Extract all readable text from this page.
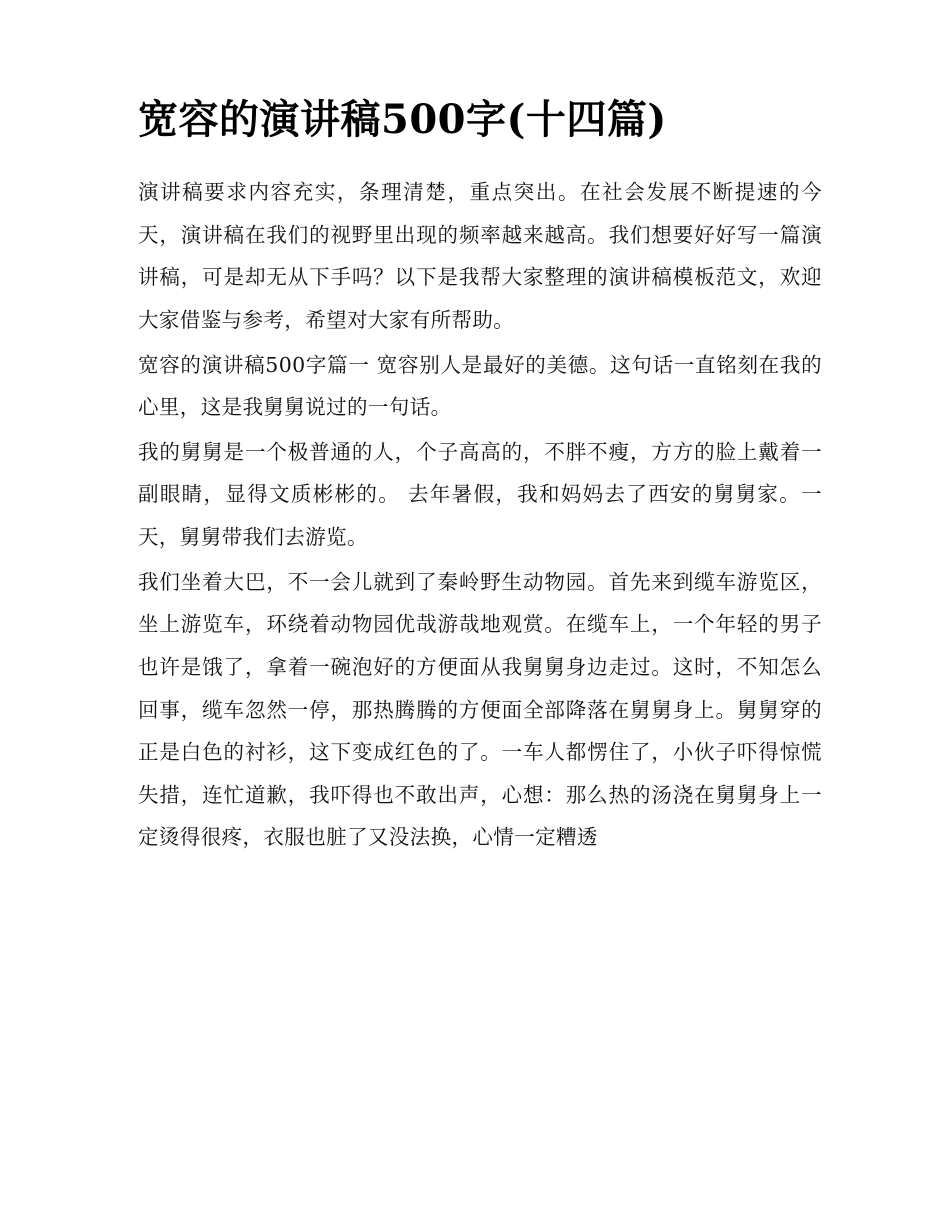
宽容的演讲稿500字(十四篇)

演讲稿要求内容充实，条理清楚，重点突出。在社会发展不断提速的今天，演讲稿在我们的视野里出现的频率越来越高。我们想要好好写一篇演讲稿，可是却无从下手吗？以下是我帮大家整理的演讲稿模板范文，欢迎大家借鉴与参考，希望对大家有所帮助。

宽容的演讲稿500字篇一 宽容别人是最好的美德。这句话一直铭刻在我的心里，这是我舅舅说过的一句话。

我的舅舅是一个极普通的人，个子高高的，不胖不瘦，方方的脸上戴着一副眼睛，显得文质彬彬的。 去年暑假，我和妈妈去了西安的舅舅家。一天，舅舅带我们去游览。

我们坐着大巴，不一会儿就到了秦岭野生动物园。首先来到缆车游览区，坐上游览车，环绕着动物园优哉游哉地观赏。在缆车上，一个年轻的男子也许是饿了，拿着一碗泡好的方便面从我舅舅身边走过。这时，不知怎么回事，缆车忽然一停，那热腾腾的方便面全部降落在舅舅身上。舅舅穿的正是白色的衬衫，这下变成红色的了。一车人都愣住了，小伙子吓得惊慌失措，连忙道歉，我吓得也不敢出声，心想：那么热的汤浇在舅舅身上一定烫得很疼，衣服也脏了又没法换，心情一定糟透
